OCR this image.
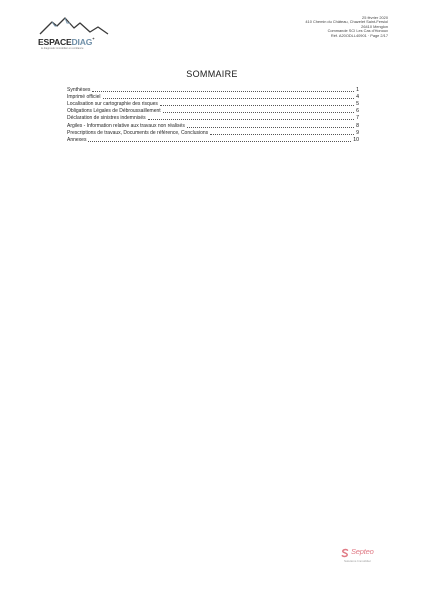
ESPACEDIAG+
le diagnostic immobilier en confiance
25 février 2020
410 Chemin du Château, Chazelet Saint-Fersiol
26410 Menglon
Commande SCI Les Cas d'Honoux
Réf. A20ODLL40901 · Page 2/17
SOMMAIRE
Synthèses	1
Imprimé officiel	4
Localisation sur cartographie des risques	5
Obligations Légales de Débroussaillement	6
Déclaration de sinistres indemnisés	7
Argiles - Information relative aux travaux non réalisés	8
Prescriptions de travaux, Documents de référence, Conclusions	9
Annexes	10
Septeo
Solutions Immobilier
